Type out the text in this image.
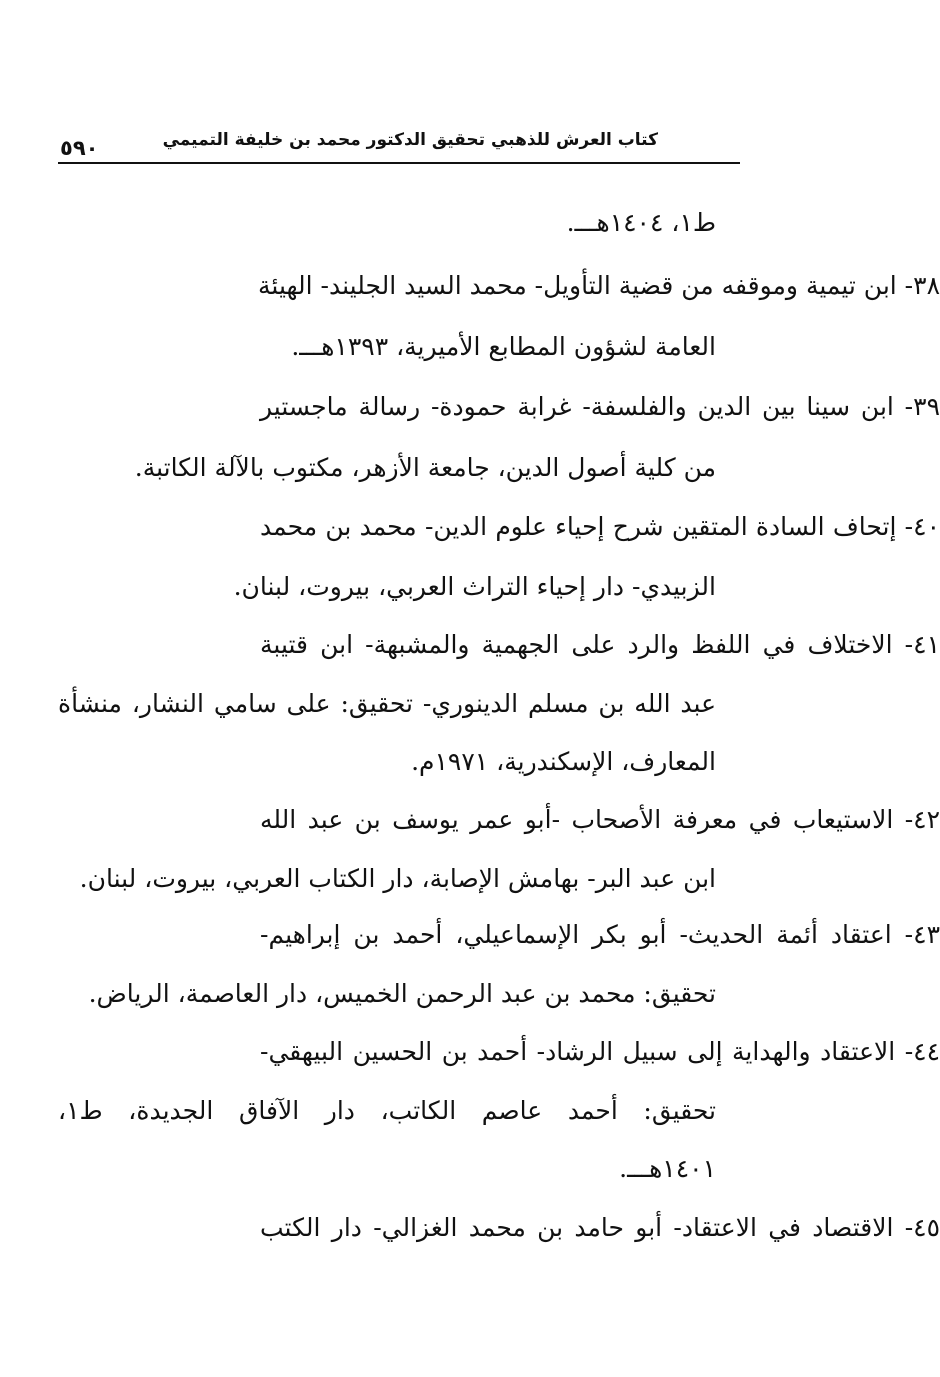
كتاب العرش للذهبي تحقيق الدكتور محمد بن خليفة التميمي
٥٩٠
ط١، ١٤٠٤هـــ.
٣٨- ابن تيمية وموقفه من قضية التأويل- محمد السيد الجليند- الهيئة
العامة لشؤون المطابع الأميرية، ١٣٩٣هـــ.
٣٩- ابن سينا بين الدين والفلسفة- غرابة حمودة- رسالة ماجستير
من كلية أصول الدين، جامعة الأزهر، مكتوب بالآلة الكاتبة.
٤٠- إتحاف السادة المتقين شرح إحياء علوم الدين- محمد بن محمد
الزبيدي- دار إحياء التراث العربي، بيروت، لبنان.
٤١- الاختلاف في اللفظ والرد على الجهمية والمشبهة- ابن قتيبة
عبد الله بن مسلم الدينوري- تحقيق: على سامي النشار، منشأة
المعارف، الإسكندرية، ١٩٧١م.
٤٢- الاستيعاب في معرفة الأصحاب -أبو عمر يوسف بن عبد الله
ابن عبد البر- بهامش الإصابة، دار الكتاب العربي، بيروت، لبنان.
٤٣- اعتقاد أئمة الحديث- أبو بكر الإسماعيلي، أحمد بن إبراهيم-
تحقيق: محمد بن عبد الرحمن الخميس، دار العاصمة، الرياض.
٤٤- الاعتقاد والهداية إلى سبيل الرشاد- أحمد بن الحسين البيهقي-
تحقيق: أحمد عاصم الكاتب، دار الآفاق الجديدة، ط١،
١٤٠١هـــ.
٤٥- الاقتصاد في الاعتقاد- أبو حامد بن محمد الغزالي- دار الكتب
